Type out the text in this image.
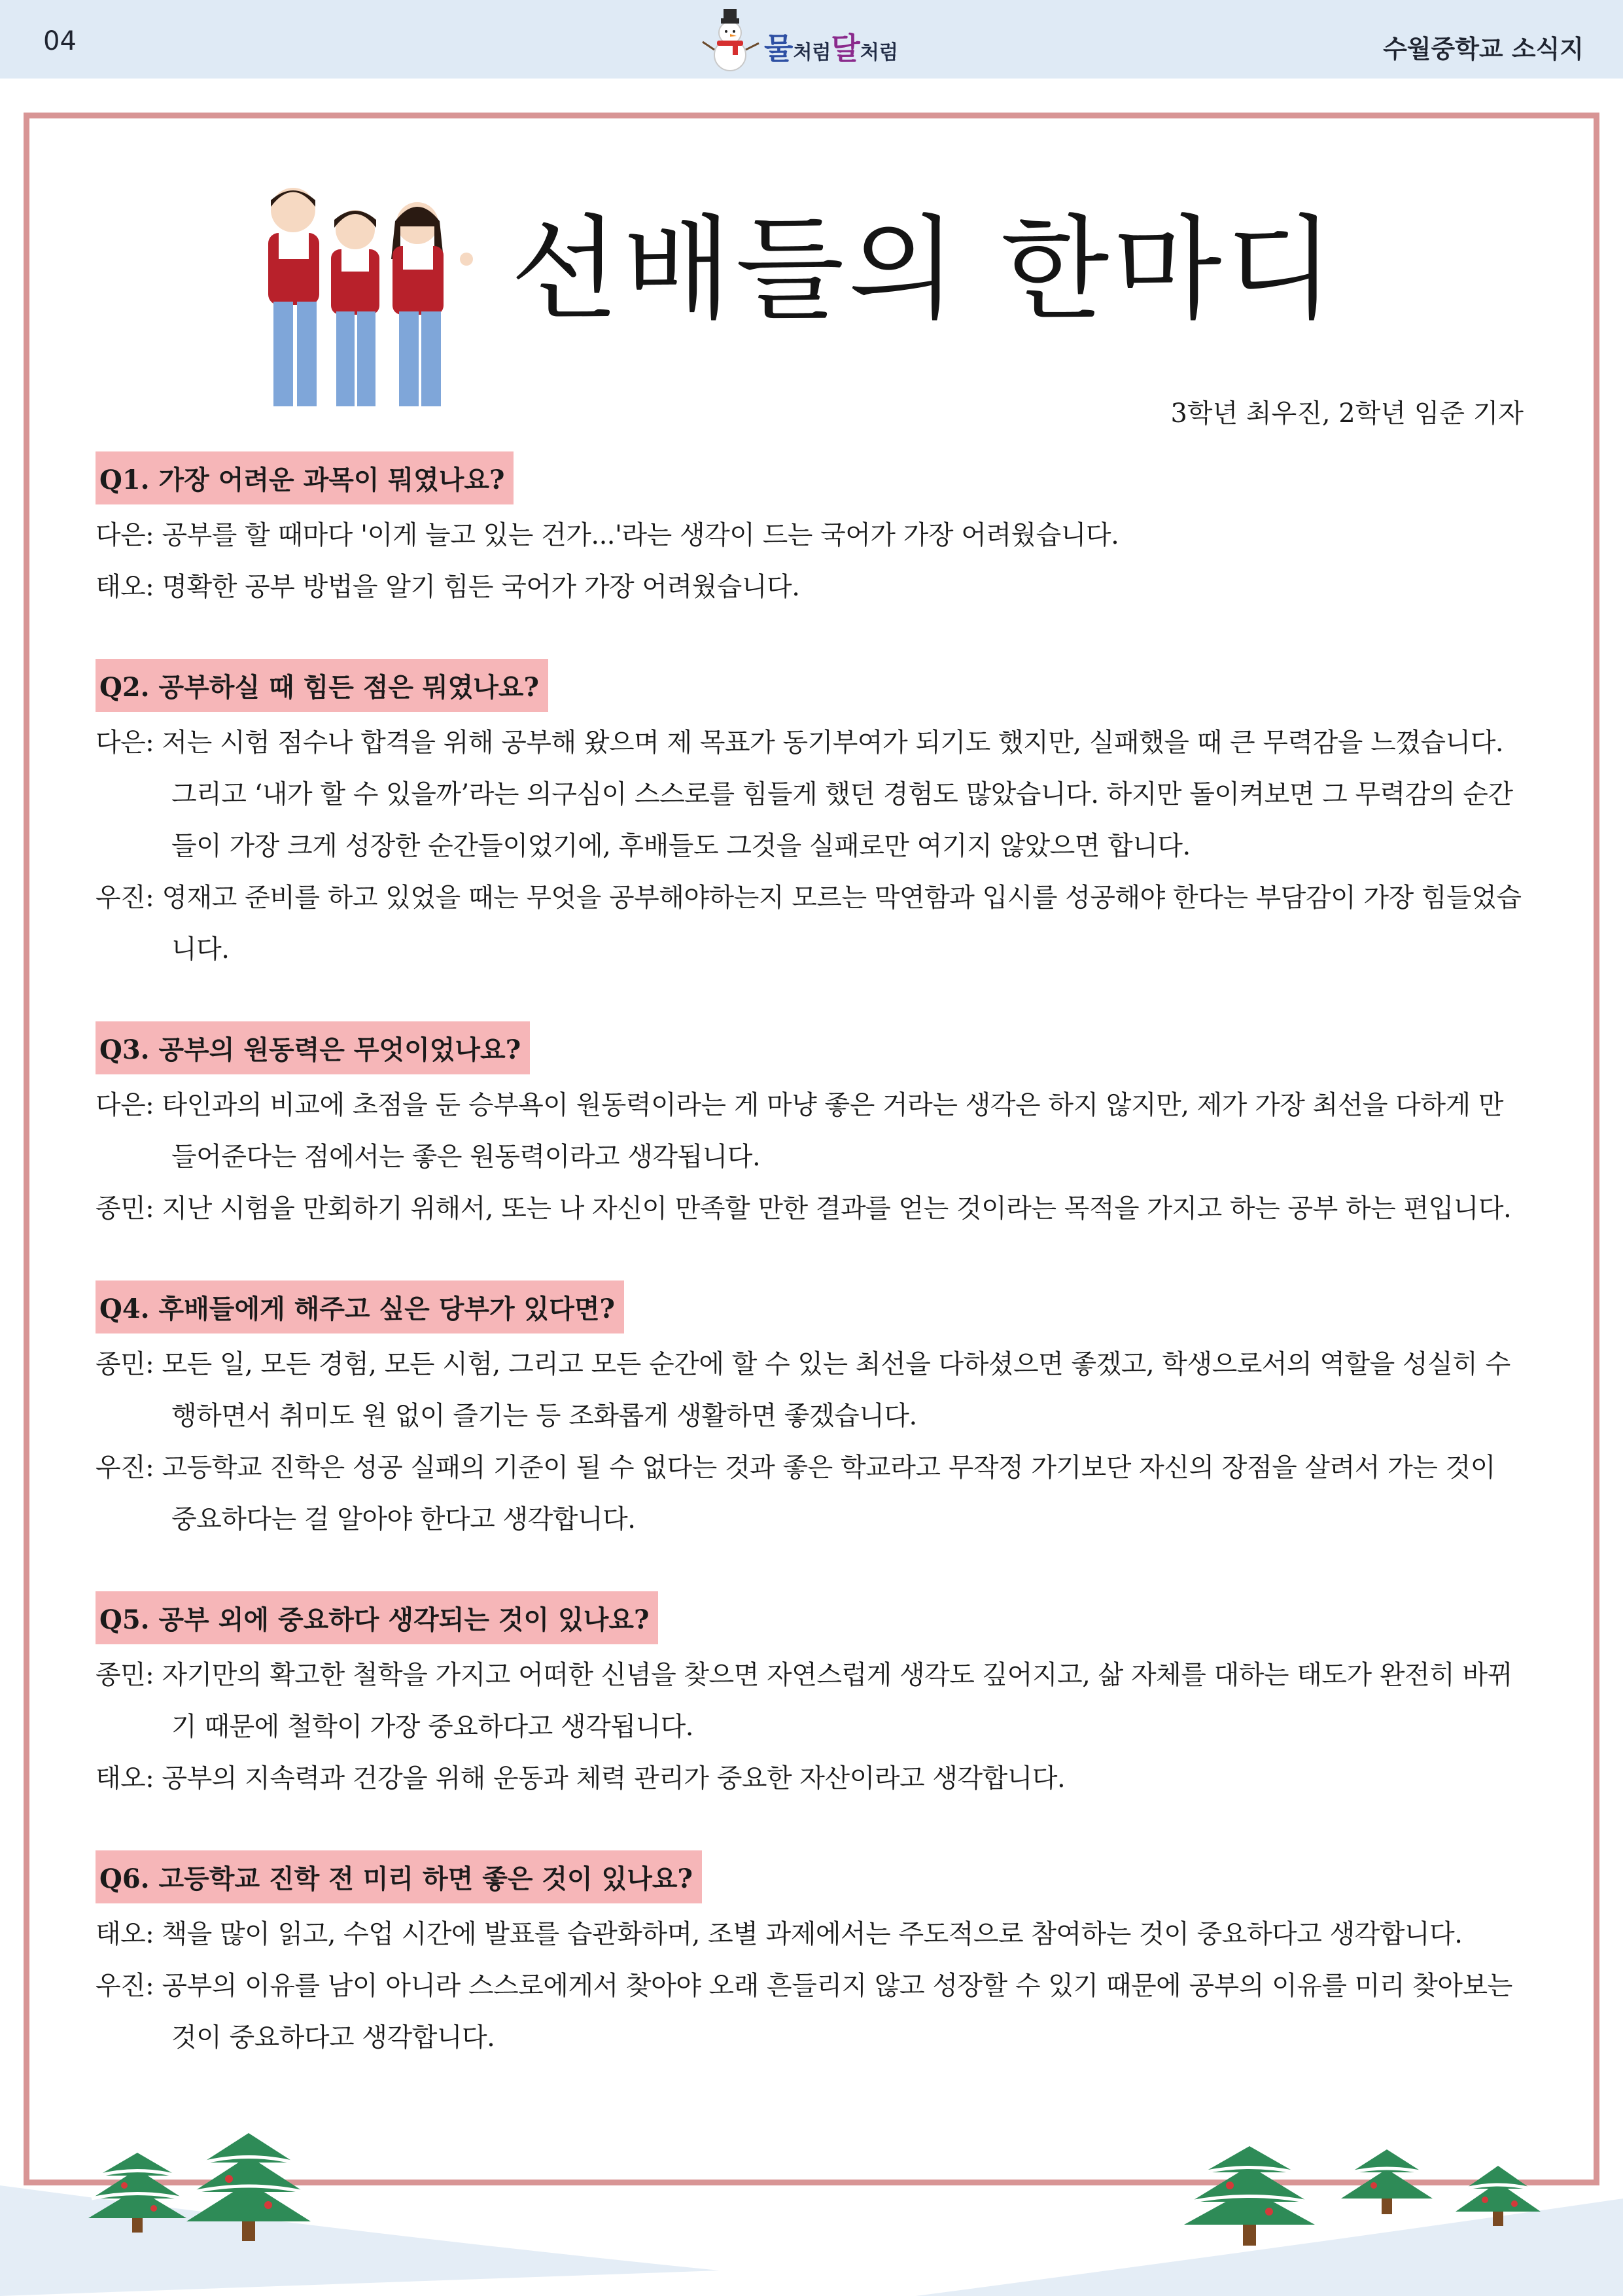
04	물처럼달처럼	수월중학교 소식지
선배들의 한마디
3학년 최우진, 2학년 임준 기자
Q1. 가장 어려운 과목이 뭐였나요?
다은: 공부를 할 때마다 '이게 늘고 있는 건가...'라는 생각이 드는 국어가 가장 어려웠습니다.
태오: 명확한 공부 방법을 알기 힘든 국어가 가장 어려웠습니다.
Q2. 공부하실 때 힘든 점은 뭐였나요?
다은: 저는 시험 점수나 합격을 위해 공부해 왔으며 제 목표가 동기부여가 되기도 했지만, 실패했을 때 큰 무력감을 느꼈습니다. 그리고 ‘내가 할 수 있을까’라는 의구심이 스스로를 힘들게 했던 경험도 많았습니다. 하지만 돌이켜보면 그 무력감의 순간들이 가장 크게 성장한 순간들이었기에, 후배들도 그것을 실패로만 여기지 않았으면 합니다.
우진: 영재고 준비를 하고 있었을 때는 무엇을 공부해야하는지 모르는 막연함과 입시를 성공해야 한다는 부담감이 가장 힘들었습니다.
Q3. 공부의 원동력은 무엇이었나요?
다은: 타인과의 비교에 초점을 둔 승부욕이 원동력이라는 게 마냥 좋은 거라는 생각은 하지 않지만, 제가 가장 최선을 다하게 만들어준다는 점에서는 좋은 원동력이라고 생각됩니다.
종민: 지난 시험을 만회하기 위해서, 또는 나 자신이 만족할 만한 결과를 얻는 것이라는 목적을 가지고 하는 공부 하는 편입니다.
Q4. 후배들에게 해주고 싶은 당부가 있다면?
종민: 모든 일, 모든 경험, 모든 시험, 그리고 모든 순간에 할 수 있는 최선을 다하셨으면 좋겠고, 학생으로서의 역할을 성실히 수행하면서 취미도 원 없이 즐기는 등 조화롭게 생활하면 좋겠습니다.
우진: 고등학교 진학은 성공 실패의 기준이 될 수 없다는 것과 좋은 학교라고 무작정 가기보단 자신의 장점을 살려서 가는 것이 중요하다는 걸 알아야 한다고 생각합니다.
Q5. 공부 외에 중요하다 생각되는 것이 있나요?
종민: 자기만의 확고한 철학을 가지고 어떠한 신념을 찾으면 자연스럽게 생각도 깊어지고, 삶 자체를 대하는 태도가 완전히 바뀌기 때문에 철학이 가장 중요하다고 생각됩니다.
태오: 공부의 지속력과 건강을 위해 운동과 체력 관리가 중요한 자산이라고 생각합니다.
Q6. 고등학교 진학 전 미리 하면 좋은 것이 있나요?
태오: 책을 많이 읽고, 수업 시간에 발표를 습관화하며, 조별 과제에서는 주도적으로 참여하는 것이 중요하다고 생각합니다.
우진: 공부의 이유를 남이 아니라 스스로에게서 찾아야 오래 흔들리지 않고 성장할 수 있기 때문에 공부의 이유를 미리 찾아보는것이 중요하다고 생각합니다.
